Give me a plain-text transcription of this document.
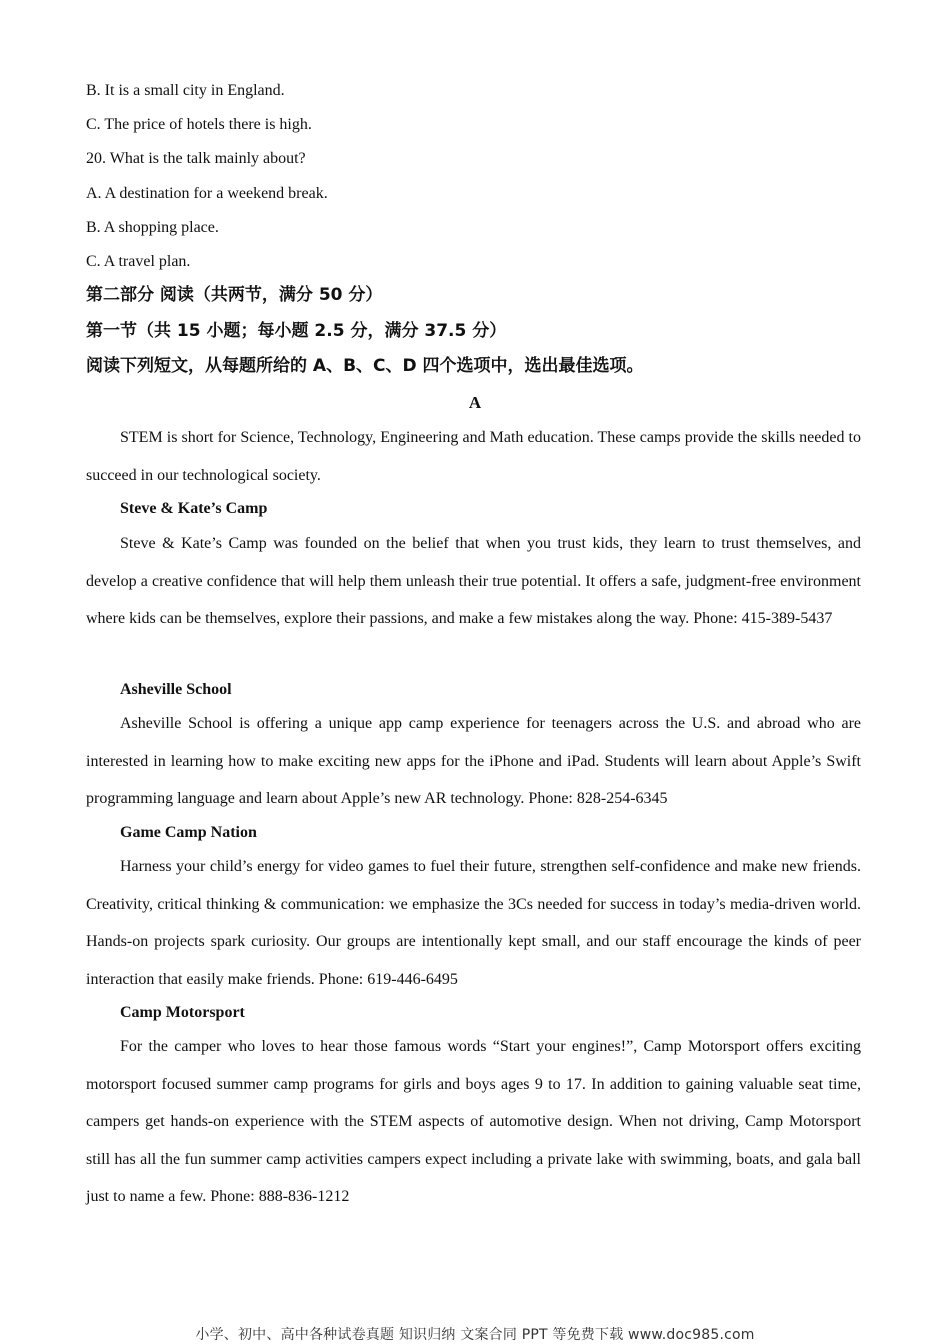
B. It is a small city in England.
C. The price of hotels there is high.
20. What is the talk mainly about?
A. A destination for a weekend break.
B. A shopping place.
C. A travel plan.
第二部分 阅读（共两节，满分 50 分）
第一节（共 15 小题；每小题 2.5 分，满分 37.5 分）
阅读下列短文，从每题所给的 A、B、C、D 四个选项中，选出最佳选项。
A
STEM is short for Science, Technology, Engineering and Math education. These camps provide the skills needed to succeed in our technological society.
Steve & Kate’s Camp
Steve & Kate’s Camp was founded on the belief that when you trust kids, they learn to trust themselves, and develop a creative confidence that will help them unleash their true potential. It offers a safe, judgment-free environment where kids can be themselves, explore their passions, and make a few mistakes along the way. Phone: 415-389-5437
Asheville School
Asheville School is offering a unique app camp experience for teenagers across the U.S. and abroad who are interested in learning how to make exciting new apps for the iPhone and iPad. Students will learn about Apple’s Swift programming language and learn about Apple’s new AR technology. Phone: 828-254-6345
Game Camp Nation
Harness your child’s energy for video games to fuel their future, strengthen self-confidence and make new friends. Creativity, critical thinking & communication: we emphasize the 3Cs needed for success in today’s media-driven world. Hands-on projects spark curiosity. Our groups are intentionally kept small, and our staff encourage the kinds of peer interaction that easily make friends. Phone: 619-446-6495
Camp Motorsport
For the camper who loves to hear those famous words “Start your engines!”, Camp Motorsport offers exciting motorsport focused summer camp programs for girls and boys ages 9 to 17. In addition to gaining valuable seat time, campers get hands-on experience with the STEM aspects of automotive design. When not driving, Camp Motorsport still has all the fun summer camp activities campers expect including a private lake with swimming, boats, and gala ball just to name a few. Phone: 888-836-1212
小学、初中、高中各种试卷真题 知识归纳 文案合同 PPT 等免费下载 www.doc985.com
